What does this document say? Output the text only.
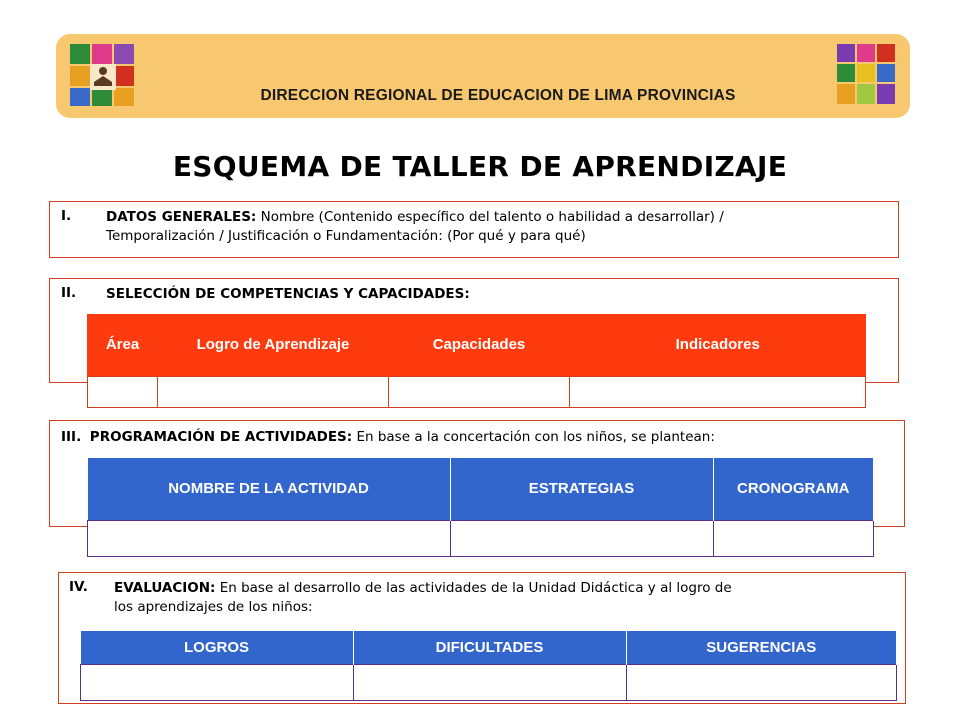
DIRECCION REGIONAL DE EDUCACION DE LIMA PROVINCIAS
ESQUEMA DE TALLER DE APRENDIZAJE
I.	DATOS GENERALES: Nombre (Contenido específico del talento o habilidad a desarrollar) /
Temporalización / Justificación o Fundamentación: (Por qué y para qué)
II. SELECCIÓN DE COMPETENCIAS Y CAPACIDADES:
Área	Logro de Aprendizaje	Capacidades	Indicadores

III. PROGRAMACIÓN DE ACTIVIDADES: En base a la concertación con los niños, se plantean:
NOMBRE DE LA ACTIVIDAD	ESTRATEGIAS	CRONOGRAMA

IV. EVALUACION: En base al desarrollo de las actividades de la Unidad Didáctica y al logro de
los aprendizajes de los niños:
LOGROS	DIFICULTADES	SUGERENCIAS
